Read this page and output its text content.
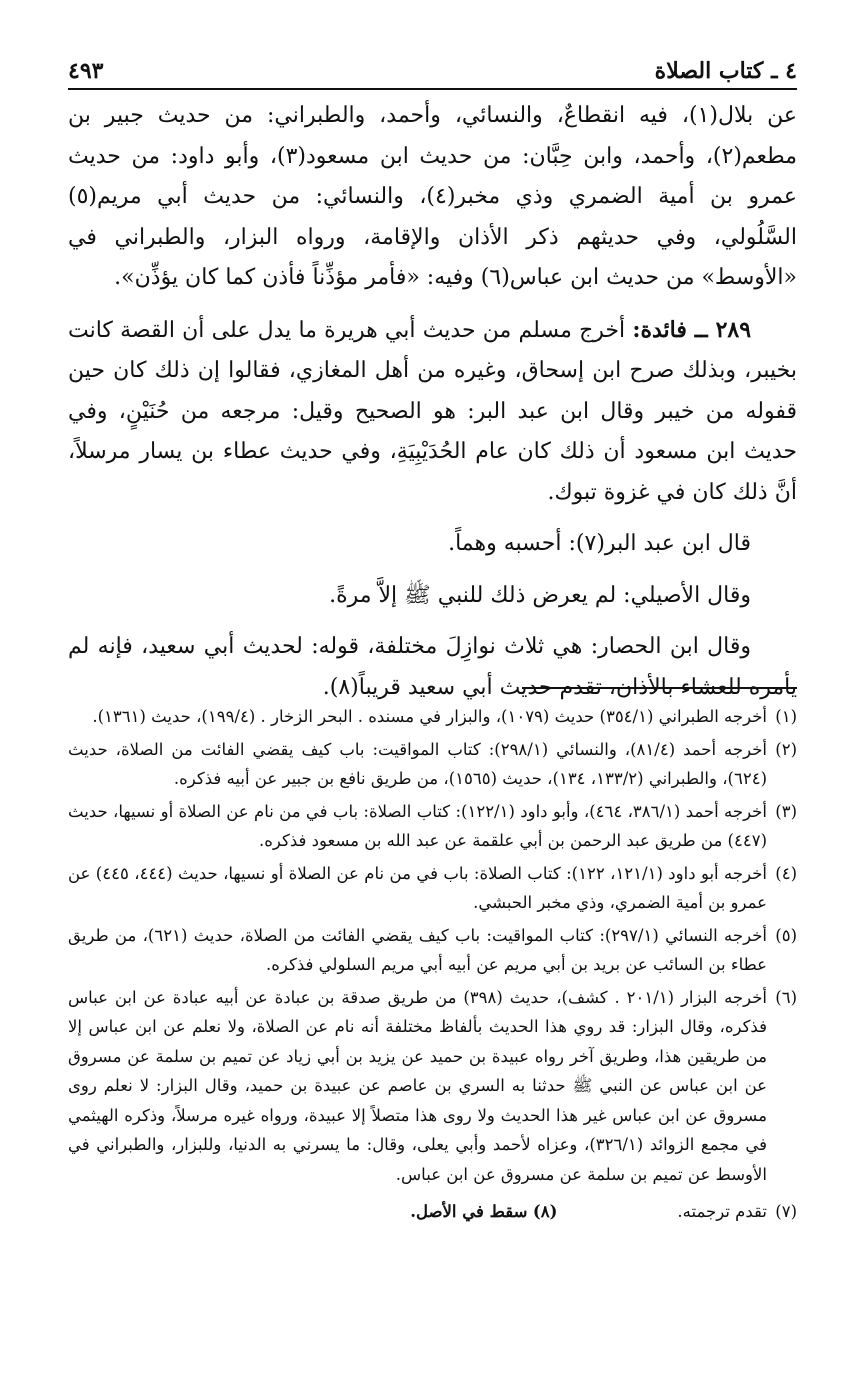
٤ ـ كتاب الصلاة
٤٩٣

عن بلال(١)، فيه انقطاعٌ، والنسائي، وأحمد، والطبراني: من حديث جبير بن مطعم(٢)، وأحمد، وابن حِبَّان: من حديث ابن مسعود(٣)، وأبو داود: من حديث عمرو بن أمية الضمري وذي مخبر(٤)، والنسائي: من حديث أبي مريم(٥) السَّلُولي، وفي حديثهم ذكر الأذان والإقامة، ورواه البزار، والطبراني في «الأوسط» من حديث ابن عباس(٦) وفيه: «فأمر مؤذِّناً فأذن كما كان يؤذِّن».

٢٨٩ ــ فائدة: أخرج مسلم من حديث أبي هريرة ما يدل على أن القصة كانت بخيبر، وبذلك صرح ابن إسحاق، وغيره من أهل المغازي، فقالوا إن ذلك كان حين قفوله من خيبر وقال ابن عبد البر: هو الصحيح وقيل: مرجعه من حُنَيْنٍ، وفي حديث ابن مسعود أن ذلك كان عام الحُدَيْبِيَةِ، وفي حديث عطاء بن يسار مرسلاً، أنَّ ذلك كان في غزوة تبوك.

قال ابن عبد البر(٧): أحسبه وهماً.

وقال الأصيلي: لم يعرض ذلك للنبي ﷺ إلاَّ مرةً.

وقال ابن الحصار: هي ثلاث نوازِلَ مختلفة، قوله: لحديث أبي سعيد، فإنه لم يأمره للعشاء بالأذان، تقدم حديث أبي سعيد قريباً(٨).

(١)
أخرجه الطبراني (٣٥٤/١) حديث (١٠٧٩)، والبزار في مسنده . البحر الزخار . (١٩٩/٤)، حديث (١٣٦١).
(٢)
أخرجه أحمد (٨١/٤)، والنسائي (٢٩٨/١): كتاب المواقيت: باب كيف يقضي الفائت من الصلاة، حديث (٦٢٤)، والطبراني (١٣٣/٢، ١٣٤)، حديث (١٥٦٥)، من طريق نافع بن جبير عن أبيه فذكره.
(٣)
أخرجه أحمد (٣٨٦/١، ٤٦٤)، وأبو داود (١٢٢/١): كتاب الصلاة: باب في من نام عن الصلاة أو نسيها، حديث (٤٤٧) من طريق عبد الرحمن بن أبي علقمة عن عبد الله بن مسعود فذكره.
(٤)
أخرجه أبو داود (١٢١/١، ١٢٢): كتاب الصلاة: باب في من نام عن الصلاة أو نسيها، حديث (٤٤٤، ٤٤٥) عن عمرو بن أمية الضمري، وذي مخبر الحبشي.
(٥)
أخرجه النسائي (٢٩٧/١): كتاب المواقيت: باب كيف يقضي الفائت من الصلاة، حديث (٦٢١)، من طريق عطاء بن السائب عن بريد بن أبي مريم عن أبيه أبي مريم السلولي فذكره.
(٦)
أخرجه البزار (٢٠١/١ . كشف)، حديث (٣٩٨) من طريق صدقة بن عبادة عن أبيه عبادة عن ابن عباس فذكره، وقال البزار: قد روي هذا الحديث بألفاظ مختلفة أنه نام عن الصلاة، ولا نعلم عن ابن عباس إلا من طريقين هذا، وطريق آخر رواه عبيدة بن حميد عن يزيد بن أبي زياد عن تميم بن سلمة عن مسروق عن ابن عباس عن النبي ﷺ حدثنا به السري بن عاصم عن عبيدة بن حميد، وقال البزار: لا نعلم روى مسروق عن ابن عباس غير هذا الحديث ولا روى هذا متصلاً إلا عبيدة، ورواه غيره مرسلاً، وذكره الهيثمي في مجمع الزوائد (٣٢٦/١)، وعزاه لأحمد وأبي يعلى، وقال: ما يسرني به الدنيا، وللبزار، والطبراني في الأوسط عن تميم بن سلمة عن مسروق عن ابن عباس.
(٧)
تقدم ترجمته.
(٨)
سقط في الأصل.
